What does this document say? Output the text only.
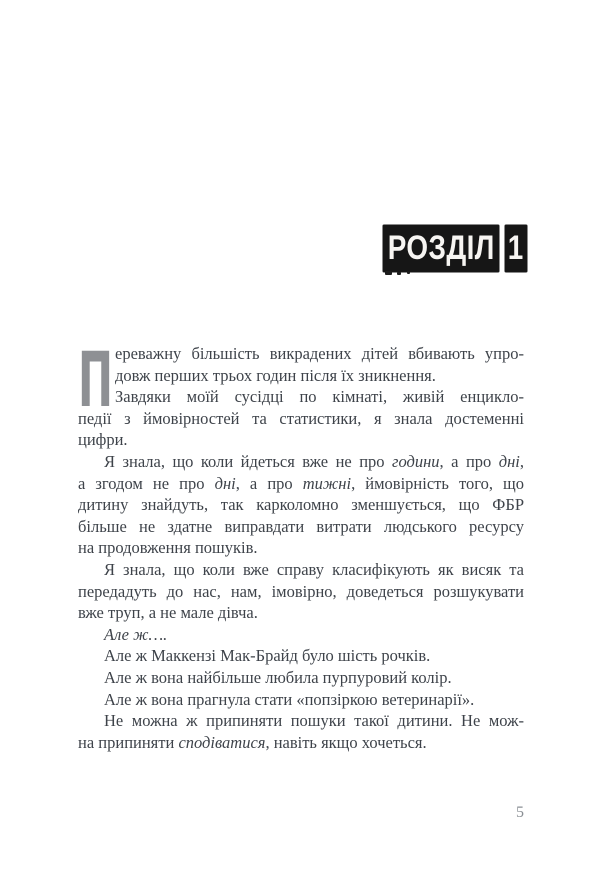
РОЗДІЛ 1
П ереважну більшість викрадених дітей вбивають упро-
довж перших трьох годин після їх зникнення.
Завдяки моїй сусідці по кімнаті, живій енцикло-
педії з ймовірностей та статистики, я знала достеменні
цифри.
Я знала, що коли йдеться вже не про години, а про дні,
а згодом не про дні, а про тижні, ймовірність того, що
дитину знайдуть, так карколомно зменшується, що ФБР
більше не здатне виправдати витрати людського ресурсу
на продовження пошуків.
Я знала, що коли вже справу класифікують як висяк та
передадуть до нас, нам, імовірно, доведеться розшукувати
вже труп, а не мале дівча.
Але ж….
Але ж Маккензі Мак-Брайд було шість рочків.
Але ж вона найбільше любила пурпуровий колір.
Але ж вона прагнула стати «попзіркою ветеринарії».
Не можна ж припиняти пошуки такої дитини. Не мож-
на припиняти сподіватися, навіть якщо хочеться.
5
